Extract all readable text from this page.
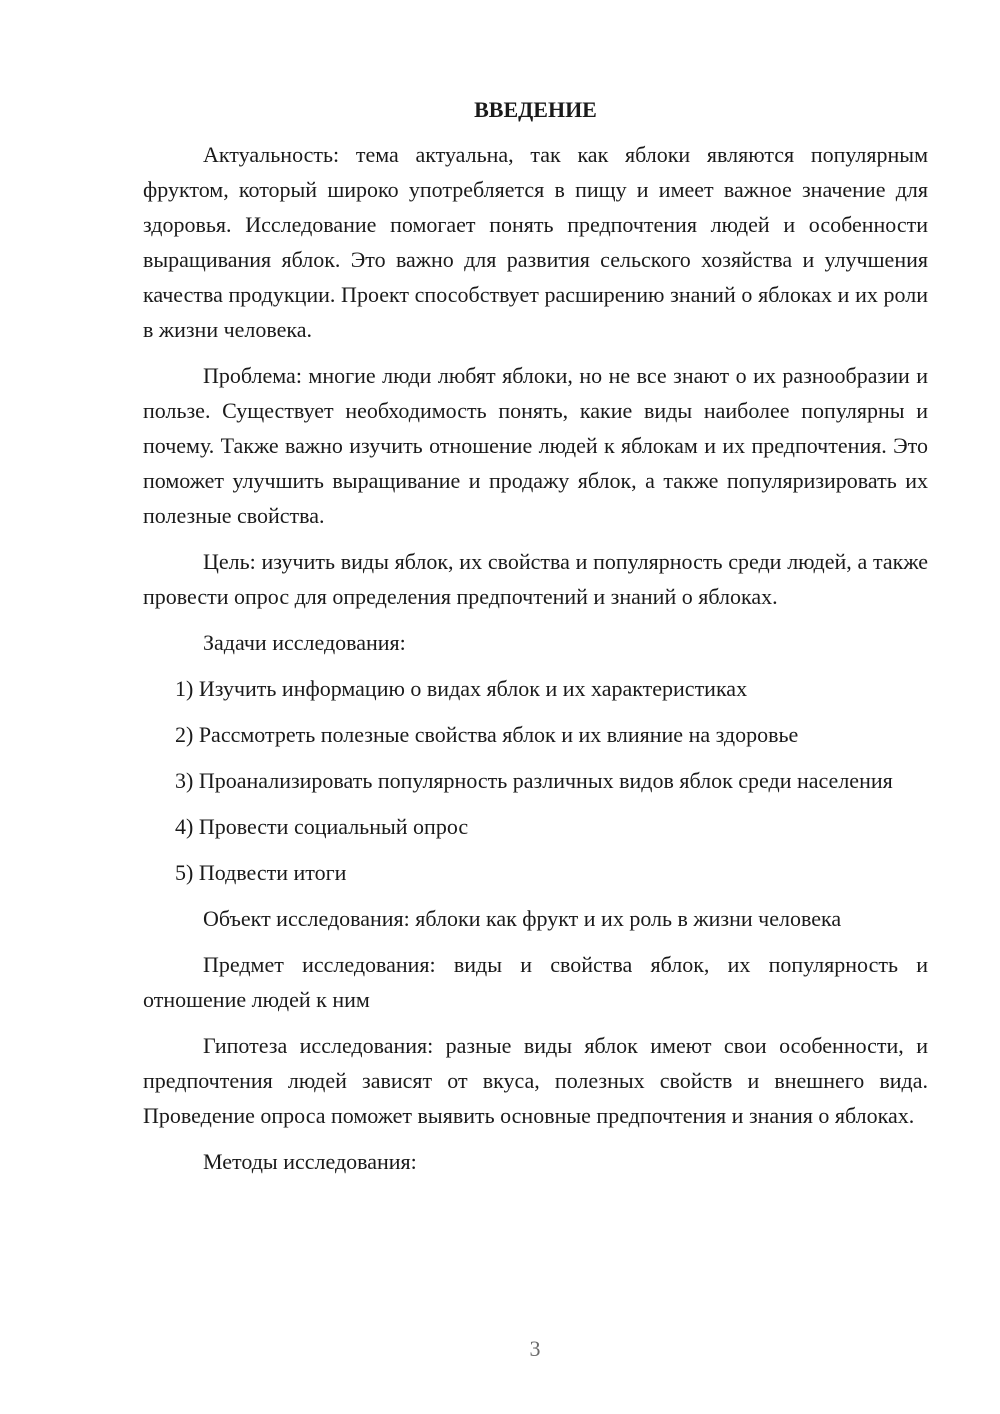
ВВЕДЕНИЕ

Актуальность: тема актуальна, так как яблоки являются популярным фруктом, который широко употребляется в пищу и имеет важное значение для здоровья. Исследование помогает понять предпочтения людей и особенности выращивания яблок. Это важно для развития сельского хозяйства и улучшения качества продукции. Проект способствует расширению знаний о яблоках и их роли в жизни человека.

Проблема: многие люди любят яблоки, но не все знают о их разнообразии и пользе. Существует необходимость понять, какие виды наиболее популярны и почему. Также важно изучить отношение людей к яблокам и их предпочтения. Это поможет улучшить выращивание и продажу яблок, а также популяризировать их полезные свойства.

Цель: изучить виды яблок, их свойства и популярность среди людей, а также провести опрос для определения предпочтений и знаний о яблоках.

Задачи исследования:

1) Изучить информацию о видах яблок и их характеристиках

2) Рассмотреть полезные свойства яблок и их влияние на здоровье

3) Проанализировать популярность различных видов яблок среди населения

4) Провести социальный опрос

5) Подвести итоги

Объект исследования: яблоки как фрукт и их роль в жизни человека

Предмет исследования: виды и свойства яблок, их популярность и отношение людей к ним

Гипотеза исследования: разные виды яблок имеют свои особенности, и предпочтения людей зависят от вкуса, полезных свойств и внешнего вида. Проведение опроса поможет выявить основные предпочтения и знания о яблоках.

Методы исследования:

3
